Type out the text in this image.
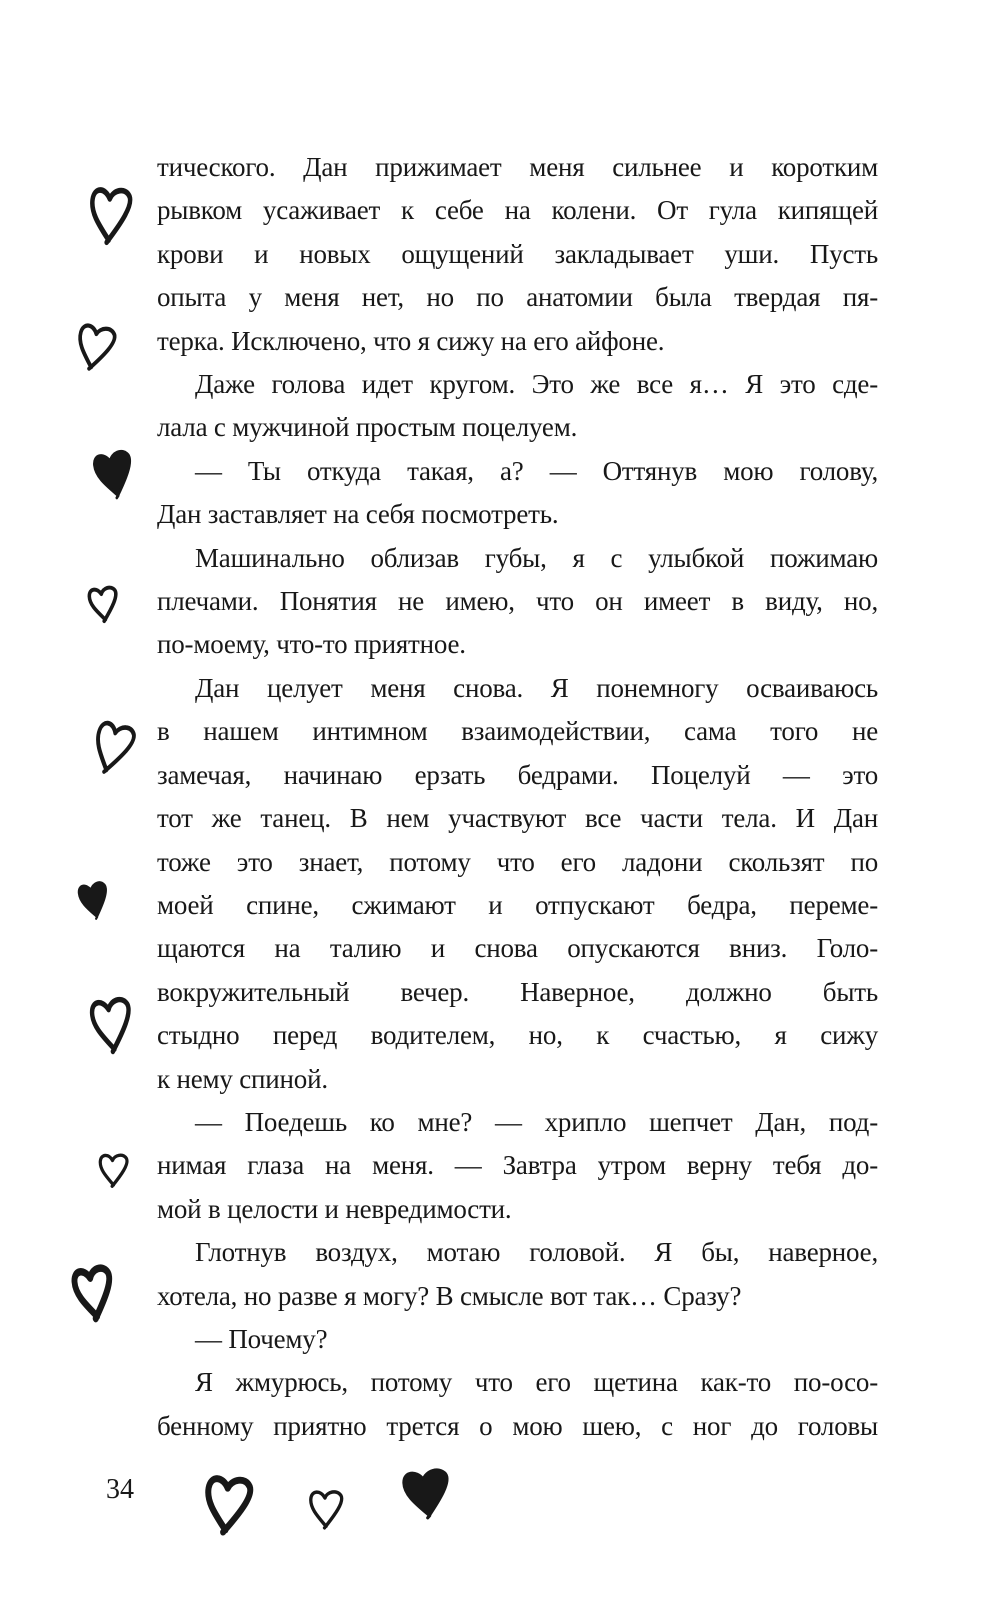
тического. Дан прижимает меня сильнее и коротким
рывком усаживает к себе на колени. От гула кипящей
крови и новых ощущений закладывает уши. Пусть
опыта у меня нет, но по анатомии была твердая пя-
терка. Исключено, что я сижу на его айфоне.
Даже голова идет кругом. Это же все я… Я это сде-
лала с мужчиной простым поцелуем.
— Ты откуда такая, а? — Оттянув мою голову,
Дан заставляет на себя посмотреть.
Машинально облизав губы, я с улыбкой пожимаю
плечами. Понятия не имею, что он имеет в виду, но,
по-моему, что-то приятное.
Дан целует меня снова. Я понемногу осваиваюсь
в нашем интимном взаимодействии, сама того не
замечая, начинаю ерзать бедрами. Поцелуй — это
тот же танец. В нем участвуют все части тела. И Дан
тоже это знает, потому что его ладони скользят по
моей спине, сжимают и отпускают бедра, переме-
щаются на талию и снова опускаются вниз. Голо-
вокружительный вечер. Наверное, должно быть
стыдно перед водителем, но, к счастью, я сижу
к нему спиной.
— Поедешь ко мне? — хрипло шепчет Дан, под-
нимая глаза на меня. — Завтра утром верну тебя до-
мой в целости и невредимости.
Глотнув воздух, мотаю головой. Я бы, наверное,
хотела, но разве я могу? В смысле вот так… Сразу?
— Почему?
Я жмурюсь, потому что его щетина как-то по-осо-
бенному приятно трется о мою шею, с ног до головы
34
